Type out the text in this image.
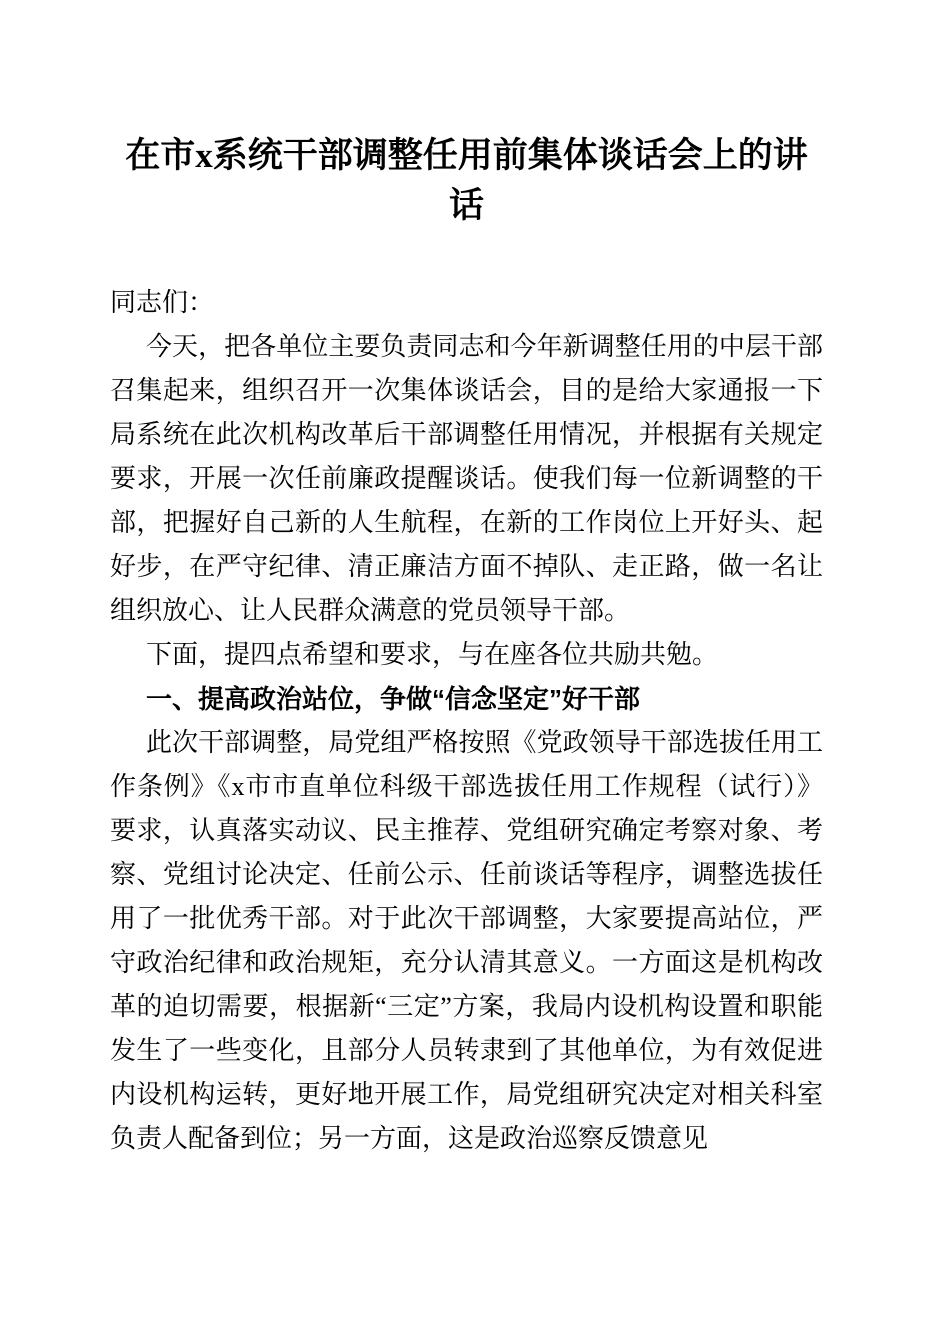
在市x系统干部调整任用前集体谈话会上的讲话

同志们：

今天，把各单位主要负责同志和今年新调整任用的中层干部召集起来，组织召开一次集体谈话会，目的是给大家通报一下局系统在此次机构改革后干部调整任用情况，并根据有关规定要求，开展一次任前廉政提醒谈话。使我们每一位新调整的干部，把握好自己新的人生航程，在新的工作岗位上开好头、起好步，在严守纪律、清正廉洁方面不掉队、走正路，做一名让组织放心、让人民群众满意的党员领导干部。

下面，提四点希望和要求，与在座各位共励共勉。

一、提高政治站位，争做“信念坚定”好干部

此次干部调整，局党组严格按照《党政领导干部选拔任用工作条例》《x市市直单位科级干部选拔任用工作规程（试行）》要求，认真落实动议、民主推荐、党组研究确定考察对象、考察、党组讨论决定、任前公示、任前谈话等程序，调整选拔任用了一批优秀干部。对于此次干部调整，大家要提高站位，严守政治纪律和政治规矩，充分认清其意义。一方面这是机构改革的迫切需要，根据新“三定”方案，我局内设机构设置和职能发生了一些变化，且部分人员转隶到了其他单位，为有效促进内设机构运转，更好地开展工作，局党组研究决定对相关科室负责人配备到位；另一方面，这是政治巡察反馈意见
